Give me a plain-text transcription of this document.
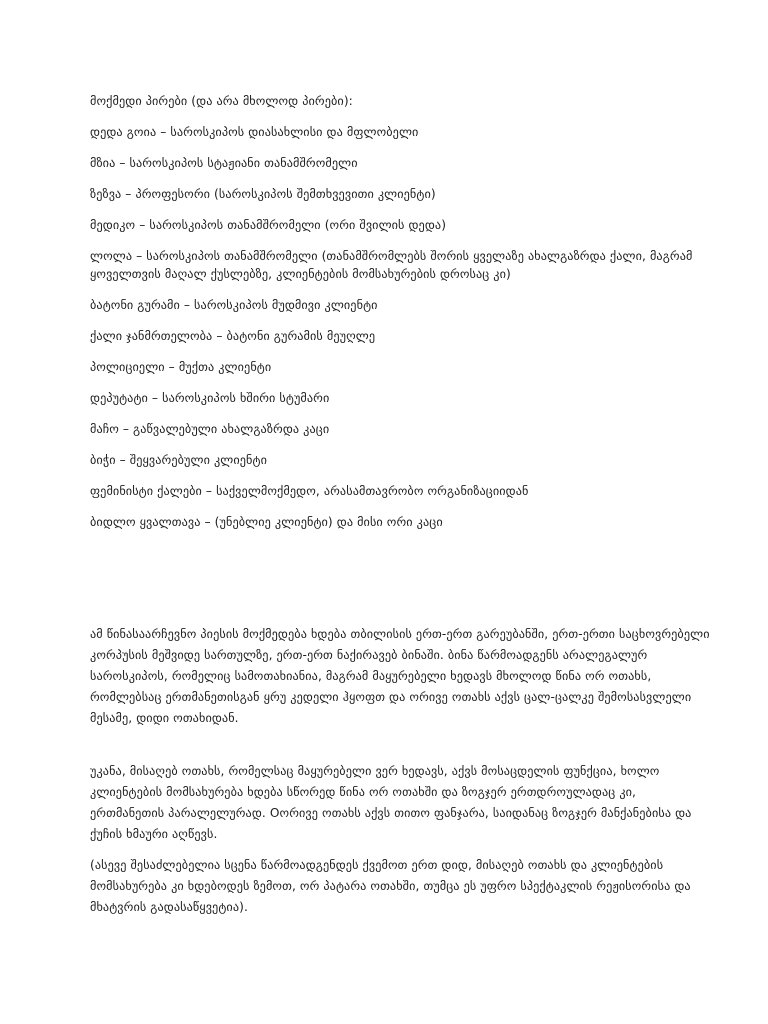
მოქმედი პირები (და არა მხოლოდ პირები):
დედა გოია – საროსკიპოს დიასახლისი და მფლობელი
მზია – საროსკიპოს სტაჟიანი თანამშრომელი
ზეზვა – პროფესორი (საროსკიპოს შემთხვევითი კლიენტი)
მედიკო – საროსკიპოს თანამშრომელი (ორი შვილის დედა)
ლოლა – საროსკიპოს თანამშრომელი (თანამშრომლებს შორის ყველაზე ახალგაზრდა ქალი, მაგრამ ყოველთვის მაღალ ქუსლებზე, კლიენტების მომსახურების დროსაც კი)
ბატონი გურამი – საროსკიპოს მუდმივი კლიენტი
ქალი ჯანმრთელობა – ბატონი გურამის მეუღლე
პოლიციელი – მუქთა კლიენტი
დეპუტატი – საროსკიპოს ხშირი სტუმარი
მაჩო – გაწვალებული ახალგაზრდა კაცი
ბიჭი – შეყვარებული კლიენტი
ფემინისტი ქალები – საქველმოქმედო, არასამთავრობო ორგანიზაციიდან
ბიდლო ყვალთავა – (უნებლიე კლიენტი) და მისი ორი კაცი

ამ წინასაარჩევნო პიესის მოქმედება ხდება თბილისის ერთ-ერთ გარეუბანში, ერთ-ერთი საცხოვრებელი კორპუსის მეშვიდე სართულზე, ერთ-ერთ ნაქირავებ ბინაში. ბინა წარმოადგენს არალეგალურ საროსკიპოს, რომელიც სამოთახიანია, მაგრამ მაყურებელი ხედავს მხოლოდ წინა ორ ოთახს, რომლებსაც ერთმანეთისგან ყრუ კედელი ჰყოფთ და ორივე ოთახს აქვს ცალ-ცალკე შემოსასვლელი მესამე, დიდი ოთახიდან.

უკანა, მისაღებ ოთახს, რომელსაც მაყურებელი ვერ ხედავს, აქვს მოსაცდელის ფუნქცია, ხოლო კლიენტების მომსახურება ხდება სწორედ წინა ორ ოთახში და ზოგჯერ ერთდროულადაც კი, ერთმანეთის პარალელურად. Oორივე ოთახს აქვს თითო ფანჯარა, საიდანაც ზოგჯერ მანქანებისა და ქუჩის ხმაური აღწევს.

(ასევე შესაძლებელია სცენა წარმოადგენდეს ქვემოთ ერთ დიდ, მისაღებ ოთახს და კლიენტების მომსახურება კი ხდებოდეს ზემოთ, ორ პატარა ოთახში, თუმცა ეს უფრო სპექტაკლის რეჟისორისა და მხატვრის გადასაწყვეტია).
